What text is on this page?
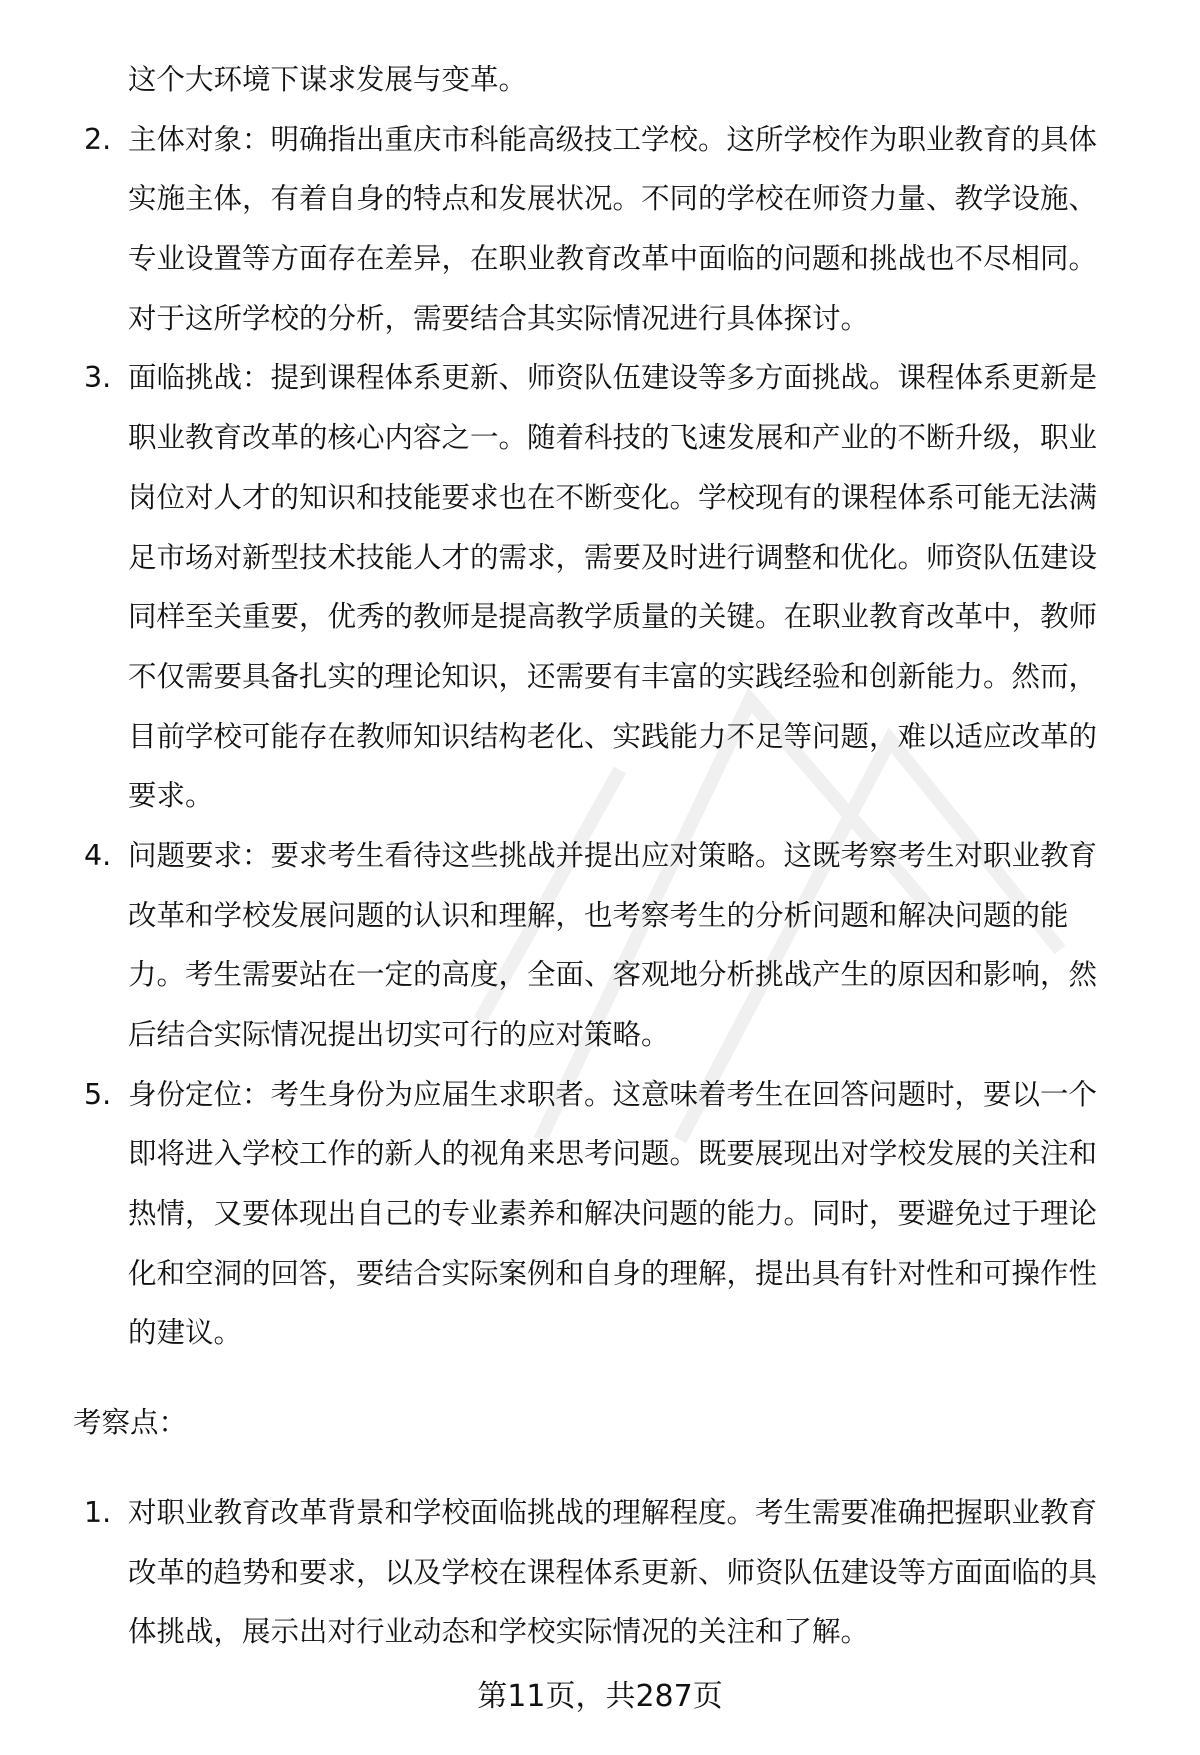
这个大环境下谋求发展与变革。
主体对象：明确指出重庆市科能高级技工学校。这所学校作为职业教育的具体
2.
实施主体，有着自身的特点和发展状况。不同的学校在师资力量、教学设施、
专业设置等方面存在差异，在职业教育改革中面临的问题和挑战也不尽相同。
对于这所学校的分析，需要结合其实际情况进行具体探讨。
面临挑战：提到课程体系更新、师资队伍建设等多方面挑战。课程体系更新是
3.
职业教育改革的核心内容之一。随着科技的飞速发展和产业的不断升级，职业
岗位对人才的知识和技能要求也在不断变化。学校现有的课程体系可能无法满
足市场对新型技术技能人才的需求，需要及时进行调整和优化。师资队伍建设
同样至关重要，优秀的教师是提高教学质量的关键。在职业教育改革中，教师
不仅需要具备扎实的理论知识，还需要有丰富的实践经验和创新能力。然而，
目前学校可能存在教师知识结构老化、实践能力不足等问题，难以适应改革的
要求。
问题要求：要求考生看待这些挑战并提出应对策略。这既考察考生对职业教育
4.
改革和学校发展问题的认识和理解，也考察考生的分析问题和解决问题的能
力。考生需要站在一定的高度，全面、客观地分析挑战产生的原因和影响，然
后结合实际情况提出切实可行的应对策略。
身份定位：考生身份为应届生求职者。这意味着考生在回答问题时，要以一个
5.
即将进入学校工作的新人的视角来思考问题。既要展现出对学校发展的关注和
热情，又要体现出自己的专业素养和解决问题的能力。同时，要避免过于理论
化和空洞的回答，要结合实际案例和自身的理解，提出具有针对性和可操作性
的建议。
考察点：
对职业教育改革背景和学校面临挑战的理解程度。考生需要准确把握职业教育
1.
改革的趋势和要求，以及学校在课程体系更新、师资队伍建设等方面面临的具
体挑战，展示出对行业动态和学校实际情况的关注和了解。
第11页，共287页
